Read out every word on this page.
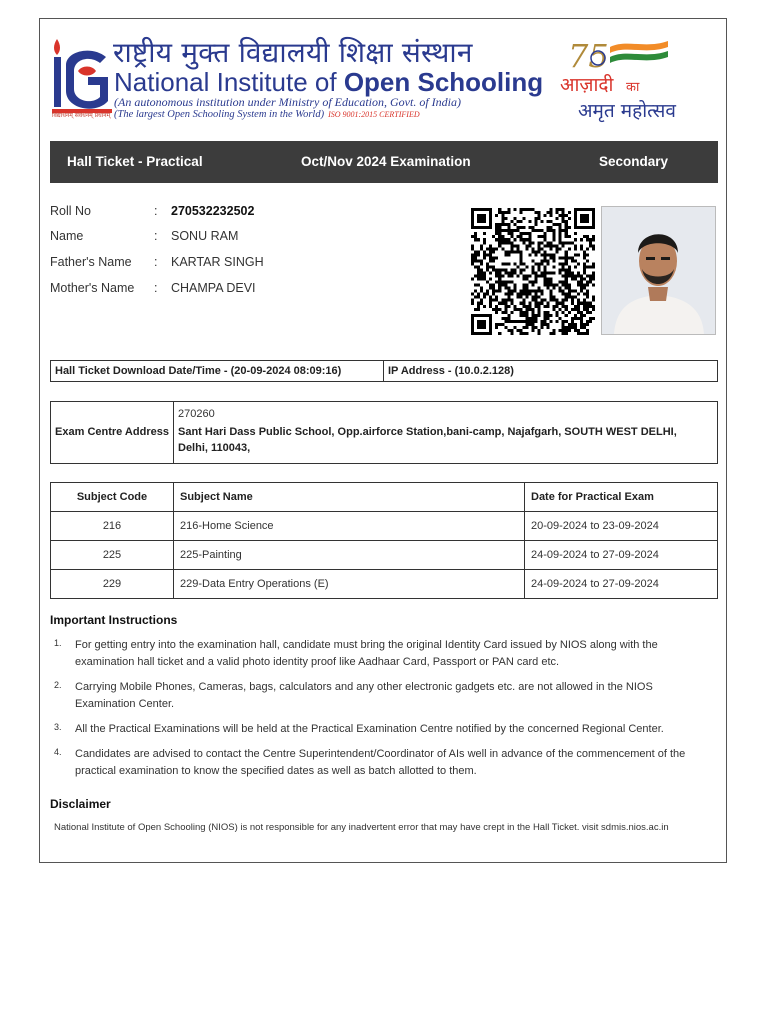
विद्याधनम् सर्वधनम् प्रधानम्
राष्ट्रीय मुक्त विद्यालयी शिक्षा संस्थान
National Institute of Open Schooling
(An autonomous institution under Ministry of Education, Govt. of India)
(The largest Open Schooling System in the World) ISO 9001:2015 CERTIFIED
75
आज़ादी का
अमृत महोत्सव
Hall Ticket - Practical	Oct/Nov 2024 Examination	Secondary
Roll No	: 270532232502
Name	: SONU RAM
Father's Name	: KARTAR SINGH
Mother's Name	: CHAMPA DEVI
Hall Ticket Download Date/Time - (20-09-2024 08:09:16)	IP Address - (10.0.2.128)
Exam Centre Address
270260
Sant Hari Dass Public School, Opp.airforce Station,bani-camp, Najafgarh, SOUTH WEST DELHI, Delhi, 110043,
Subject Code	Subject Name	Date for Practical Exam
216	216-Home Science	20-09-2024 to 23-09-2024
225	225-Painting	24-09-2024 to 27-09-2024
229	229-Data Entry Operations (E)	24-09-2024 to 27-09-2024
Important Instructions
1. For getting entry into the examination hall, candidate must bring the original Identity Card issued by NIOS along with the examination hall ticket and a valid photo identity proof like Aadhaar Card, Passport or PAN card etc.
2. Carrying Mobile Phones, Cameras, bags, calculators and any other electronic gadgets etc. are not allowed in the NIOS Examination Center.
3. All the Practical Examinations will be held at the Practical Examination Centre notified by the concerned Regional Center.
4. Candidates are advised to contact the Centre Superintendent/Coordinator of AIs well in advance of the commencement of the practical examination to know the specified dates as well as batch allotted to them.
Disclaimer
National Institute of Open Schooling (NIOS) is not responsible for any inadvertent error that may have crept in the Hall Ticket. visit sdmis.nios.ac.in
